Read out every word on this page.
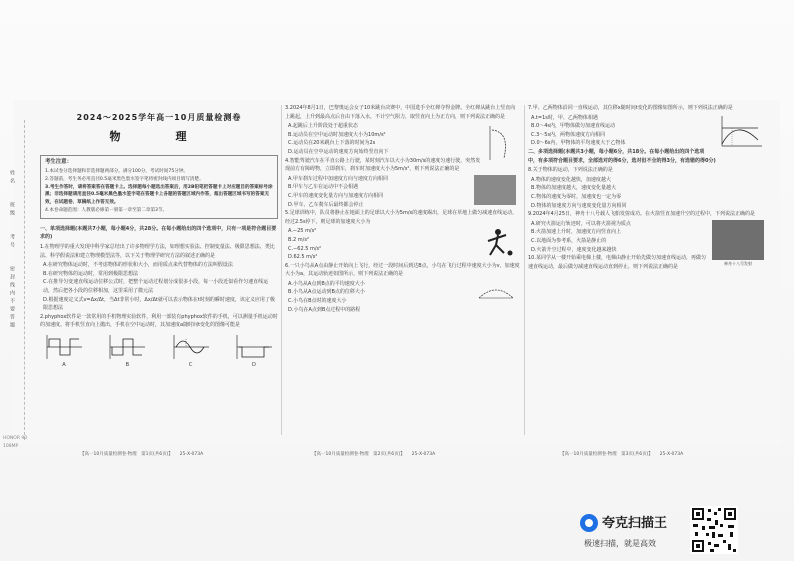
姓名　　班级　　考号　　密封线内不要答题
HONOR 90
108MP
2024～2025学年高一10月质量检测卷
物　理
考生注意：

1.本试卷分选择题和非选择题两部分。满分100分，考试时间75分钟。

2.答题前，考生务必用直径0.5毫米黑色墨水签字笔将密封线内项目填写清楚。

3.考生作答时，请将答案答在答题卡上。选择题每小题选出答案后，用2B铅笔把答题卡上对应题目的答案标号涂黑；非选择题请用直径0.5毫米黑色墨水签字笔在答题卡上各题的答题区域内作答，超出答题区域书写的答案无效，在试题卷、草稿纸上作答无效。

4.本卷命题范围：人教版必修第一册第一章至第二章第3节。

一、单项选择题(本题共7小题，每小题4分，共28分。在每小题给出的四个选项中，只有一项是符合题目要求的)

1.在物理学的重大发现中科学家总结出了许多物理学方法，如理想实验法、控制变量法、极限思想法、类比法、科学假说法和建立物理模型法等，以下关于物理学研究方法的叙述正确的是

A.在研究物体运动时，不考虑物体的形状和大小，而用质点来代替物体的方法叫假设法

B.在研究物体的运动时，常用到极限思想法

C.在推导匀变速直线运动位移公式时，把整个运动过程划分成很多小段，每一小段近似看作匀速直线运动，然后把各小段的位移相加，这里采用了微元法

D.根据速度定义式v=Δx/Δt，当Δt非常小时，Δx/Δt就可以表示物体在t时刻的瞬时速度，该定义应用了极限思想法

2.phyphox软件是一款常用的手机物理实验软件，利用一部装有phyphox软件的手机，可以测量手机运动时的加速度。将手机竖直向上抛出，手机在空中运动时，其加速度a随时间t变化的图像可能是

A	B	C	D

3.2024年8月1日，巴黎奥运会女子10米跳台决赛中，中国选手全红婵夺得金牌。全红婵从跳台上竖直向上跳起，上升到最高点后自由下落入水，不计空气阻力，取竖直向上为正方向，则下列说法正确的是

A.起跳后上升阶段处于超重状态

B.运动员在空中运动时加速度大小为10m/s²

C.运动员在20米跳台上下落的时间为2s

D.运动员在空中运动的速度方向始终竖直向下

4.智能驾驶汽车在平直公路上行驶，某时刻汽车以大小为30m/s的速度匀速行驶，突然发现前方有障碍物，立即刹车，刹车时加速度大小为5m/s²，则下列说法正确的是

A.甲车刹车过程中加速度方向与速度方向相同

B.甲车与乙车在运动中不会相遇

C.甲车的速度变化量方向与加速度方向相同

D.甲车、乙车刹车后最终都会停止

5.足球训练中，队员将静止在地面上的足球以大小为5m/s的速度踢出，足球在草地上做匀减速直线运动，经过2.5s停下，则足球的加速度大小为

A.−25 m/s²

B.2 m/s²

C.−62.5 m/s²

D.62.5 m/s²

6.一只小鸟从A点由静止开始向上飞行，经过一段时间后到达B点，小鸟在飞行过程中速度大小为v，加速度大小为a，其运动轨迹如图所示，则下列说法正确的是

A.小鸟从A点到B点的平均速度大小

B.小鸟从A点运动到B点的位移大小

C.小鸟在B点时的速度大小

D.小鸟在A点到B点过程中的路程

7.甲、乙两物体沿同一直线运动，其位移x随时间t变化的图像如图所示，则下列说法正确的是

A.t=1s时，甲、乙两物体相遇

B.0～4s内，甲物体做匀加速直线运动

C.3～5s内，两物体速度方向相同

D.0～6s内，甲物体的平均速度大于乙物体

二、多项选择题(本题共3小题，每小题6分，共18分。在每小题给出的四个选项中，有多项符合题目要求，全部选对的得6分，选对但不全的得3分，有选错的得0分)

8.关于物体的运动，下列说法正确的是

A.物体的速度变化越快，加速度越大

B.物体的加速度越大，速度变化量越大

C.物体的速度为零时，加速度也一定为零

D.物体的加速度方向与速度变化量方向相同

9.2024年4月25日，神舟十八号载人飞船发射成功。在火箭竖直加速升空的过程中，下列说法正确的是

神舟十八号发射

A.研究火箭运行轨迹时，可以将火箭视为质点

B.火箭加速上升时，加速度方向竖直向上

C.以地面为参考系，火箭是静止的

D.火箭升空过程中，速度变化越来越快

10.某同学从一楼开始乘电梯上楼，电梯由静止开始先做匀加速直线运动，再做匀速直线运动，最后做匀减速直线运动直到停止，则下列说法正确的是

【高一10月质量检测卷·物理　第1页(共6页)】　　25-X-073A	【高一10月质量检测卷·物理　第2页(共6页)】　　25-X-073A	【高一10月质量检测卷·物理　第3页(共6页)】　　25-X-073A
夸克扫描王
极速扫描，就是高效
